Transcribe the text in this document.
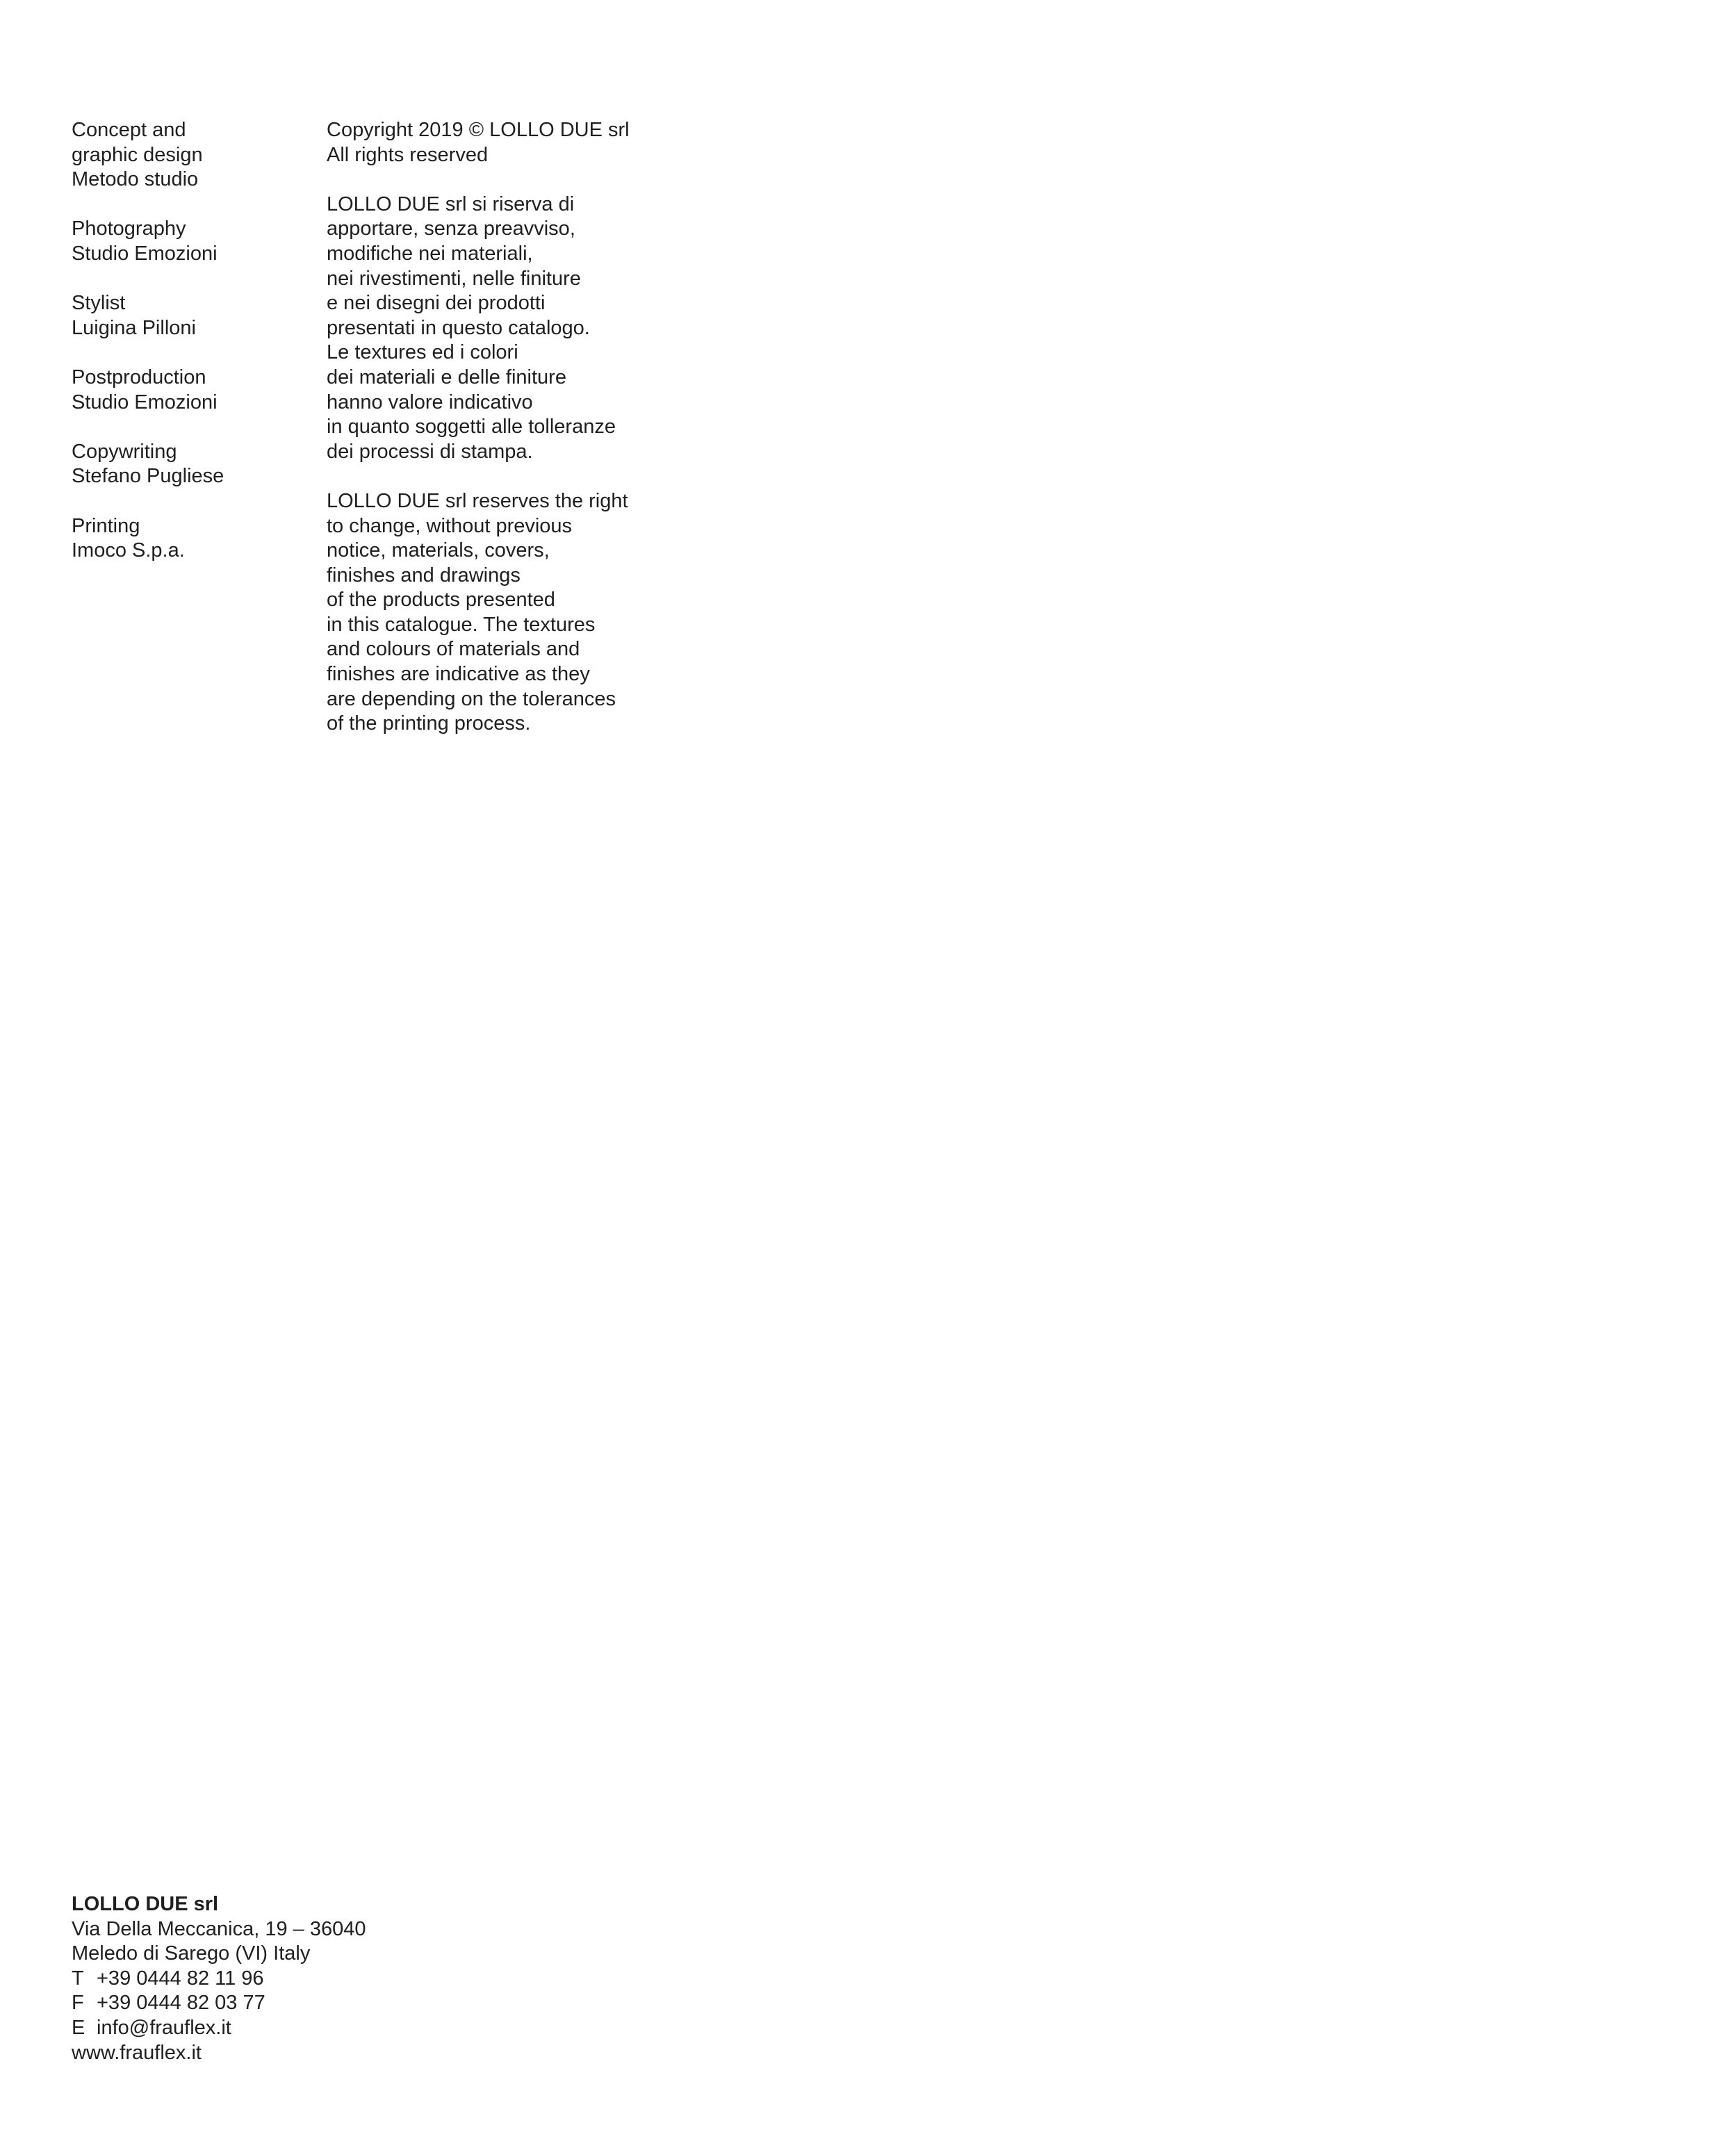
Concept and
graphic design
Metodo studio
Photography
Studio Emozioni
Stylist
Luigina Pilloni
Postproduction
Studio Emozioni
Copywriting
Stefano Pugliese
Printing
Imoco S.p.a.
Copyright 2019 © LOLLO DUE srl
All rights reserved
LOLLO DUE srl si riserva di
apportare, senza preavviso,
modifiche nei materiali,
nei rivestimenti, nelle finiture
e nei disegni dei prodotti
presentati in questo catalogo.
Le textures ed i colori
dei materiali e delle finiture
hanno valore indicativo
in quanto soggetti alle tolleranze
dei processi di stampa.
LOLLO DUE srl reserves the right
to change, without previous
notice, materials, covers,
finishes and drawings
of the products presented
in this catalogue. The textures
and colours of materials and
finishes are indicative as they
are depending on the tolerances
of the printing process.
LOLLO DUE srl
Via Della Meccanica, 19 – 36040
Meledo di Sarego (VI) Italy
T +39 0444 82 11 96
F +39 0444 82 03 77
E info@frauflex.it
www.frauflex.it
